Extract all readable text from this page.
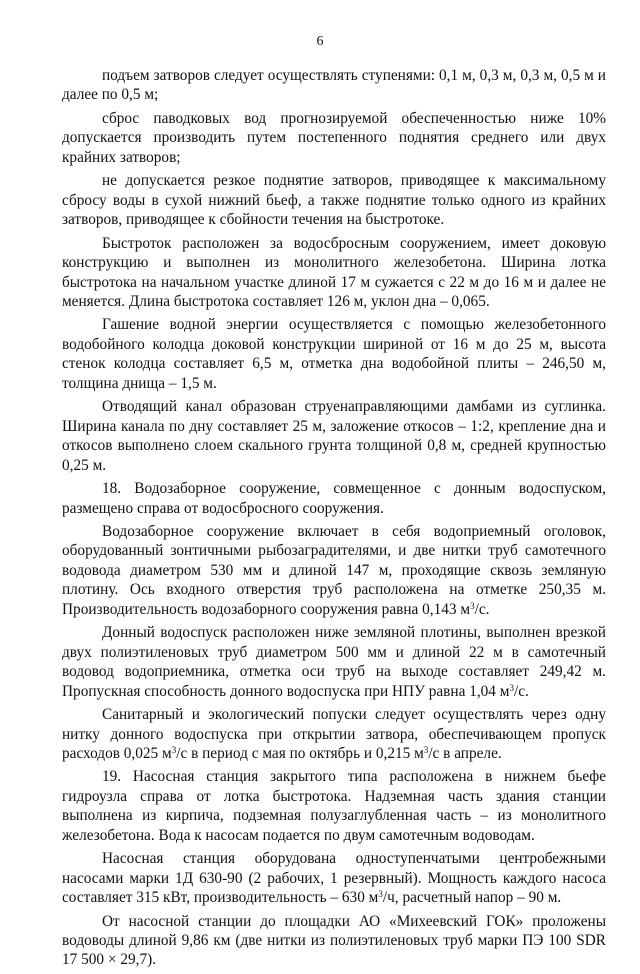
6

подъем затворов следует осуществлять ступенями: 0,1 м, 0,3 м, 0,3 м, 0,5 м и далее по 0,5 м;

сброс паводковых вод прогнозируемой обеспеченностью ниже 10% допускается производить путем постепенного поднятия среднего или двух крайних затворов;

не допускается резкое поднятие затворов, приводящее к максимальному сбросу воды в сухой нижний бьеф, а также поднятие только одного из крайних затворов, приводящее к сбойности течения на быстротоке.

Быстроток расположен за водосбросным сооружением, имеет доковую конструкцию и выполнен из монолитного железобетона. Ширина лотка быстротока на начальном участке длиной 17 м сужается с 22 м до 16 м и далее не меняется. Длина быстротока составляет 126 м, уклон дна – 0,065.

Гашение водной энергии осуществляется с помощью железобетонного водобойного колодца доковой конструкции шириной от 16 м до 25 м, высота стенок колодца составляет 6,5 м, отметка дна водобойной плиты – 246,50 м, толщина днища – 1,5 м.

Отводящий канал образован струенаправляющими дамбами из суглинка. Ширина канала по дну составляет 25 м, заложение откосов – 1:2, крепление дна и откосов выполнено слоем скального грунта толщиной 0,8 м, средней крупностью 0,25 м.

18. Водозаборное сооружение, совмещенное с донным водоспуском, размещено справа от водосбросного сооружения.

Водозаборное сооружение включает в себя водоприемный оголовок, оборудованный зонтичными рыбозаградителями, и две нитки труб самотечного водовода диаметром 530 мм и длиной 147 м, проходящие сквозь земляную плотину. Ось входного отверстия труб расположена на отметке 250,35 м. Производительность водозаборного сооружения равна 0,143 $м^3/с$.

Донный водоспуск расположен ниже земляной плотины, выполнен врезкой двух полиэтиленовых труб диаметром 500 мм и длиной 22 м в самотечный водовод водоприемника, отметка оси труб на выходе составляет 249,42 м. Пропускная способность донного водоспуска при НПУ равна 1,04 $м^3/с$.

Санитарный и экологический попуски следует осуществлять через одну нитку донного водоспуска при открытии затвора, обеспечивающем пропуск расходов 0,025 $м^3/с$ в период с мая по октябрь и 0,215 $м^3/с$ в апреле.

19. Насосная станция закрытого типа расположена в нижнем бьефе гидроузла справа от лотка быстротока. Надземная часть здания станции выполнена из кирпича, подземная полузаглубленная часть – из монолитного железобетона. Вода к насосам подается по двум самотечным водоводам.

Насосная станция оборудована одноступенчатыми центробежными насосами марки 1Д 630-90 (2 рабочих, 1 резервный). Мощность каждого насоса составляет 315 кВт, производительность – 630 $м^3/ч$, расчетный напор – 90 м.

От насосной станции до площадки АО «Михеевский ГОК» проложены водоводы длиной 9,86 км (две нитки из полиэтиленовых труб марки ПЭ 100 SDR 17 500 × 29,7).
